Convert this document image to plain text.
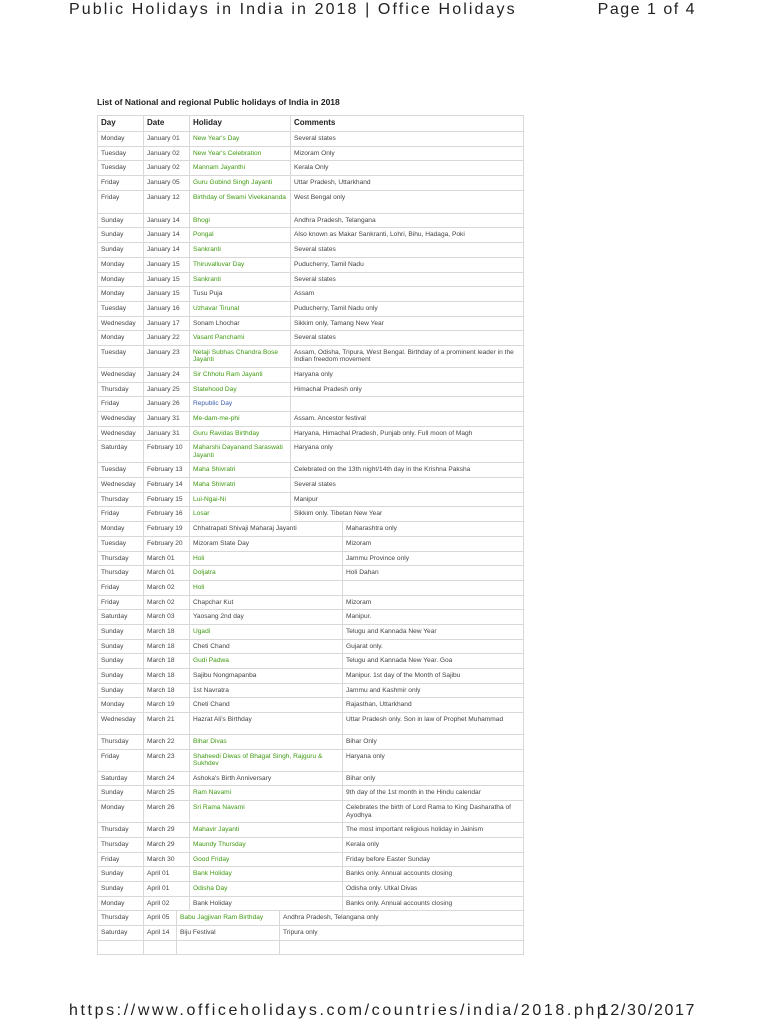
Public Holidays in India in 2018 | Office Holidays	Page 1 of 4
List of National and regional Public holidays of India in 2018
Day	Date	Holiday	Comments
Monday	January 01	New Year's Day	Several states
Tuesday	January 02	New Year's Celebration	Mizoram Only
Tuesday	January 02	Mannam Jayanthi	Kerala Only
Friday	January 05	Guru Gobind Singh Jayanti	Uttar Pradesh, Uttarkhand
Friday	January 12	Birthday of Swami Vivekananda	West Bengal only
Sunday	January 14	Bhogi	Andhra Pradesh, Telangana
Sunday	January 14	Pongal	Also known as Makar Sankranti, Lohri, Bihu, Hadaga, Poki
Sunday	January 14	Sankranti	Several states
Monday	January 15	Thiruvalluvar Day	Puducherry, Tamil Nadu
Monday	January 15	Sankranti	Several states
Monday	January 15	Tusu Puja	Assam
Tuesday	January 16	Uzhavar Tirunal	Puducherry, Tamil Nadu only
Wednesday	January 17	Sonam Lhochar	Sikkim only, Tamang New Year
Monday	January 22	Vasant Panchami	Several states
Tuesday	January 23	Netaji Subhas Chandra Bose Jayanti
Assam, Odisha, Tripura, West Bengal. Birthday of a prominent leader in the Indian freedom movement
Wednesday	January 24	Sir Chhotu Ram Jayanti	Haryana only
Thursday	January 25	Statehood Day	Himachal Pradesh only
Friday	January 26	Republic Day
Wednesday	January 31	Me-dam-me-phi	Assam. Ancestor festival
Wednesday	January 31	Guru Ravidas Birthday	Haryana, Himachal Pradesh, Punjab only. Full moon of Magh
Saturday	February 10	Maharshi Dayanand Saraswati Jayanti
Haryana only
Tuesday	February 13	Maha Shivratri	Celebrated on the 13th night/14th day in the Krishna Paksha
Wednesday	February 14	Maha Shivratri	Several states
Thursday	February 15	Lui-Ngai-Ni	Manipur
Friday	February 16	Losar	Sikkim only. Tibetan New Year
Monday	February 19	Chhatrapati Shivaji Maharaj Jayanti	Maharashtra only
Tuesday	February 20	Mizoram State Day	Mizoram
Thursday	March 01	Holi	Jammu Province only
Thursday	March 01	Doljatra	Holi Dahan
Friday	March 02	Holi
Friday	March 02	Chapchar Kut	Mizoram
Saturday	March 03	Yaosang 2nd day	Manipur.
Sunday	March 18	Ugadi	Telugu and Kannada New Year
Sunday	March 18	Cheti Chand	Gujarat only.
Sunday	March 18	Gudi Padwa	Telugu and Kannada New Year. Goa
Sunday	March 18	Sajibu Nongmapanba	Manipur. 1st day of the Month of Sajibu
Sunday	March 18	1st Navratra	Jammu and Kashmir only
Monday	March 19	Cheti Chand	Rajasthan, Uttarkhand
Wednesday	March 21	Hazrat Ali's Birthday	Uttar Pradesh only. Son in law of Prophet Muhammad
Thursday	March 22	Bihar Divas	Bihar Only
Friday	March 23	Shaheedi Diwas of Bhagat Singh, Rajguru & Sukhdev
Haryana only
Saturday	March 24	Ashoka's Birth Anniversary	Bihar only
Sunday	March 25	Ram Navami	9th day of the 1st month in the Hindu calendar
Monday	March 26	Sri Rama Navami	Celebrates the birth of Lord Rama to King Dasharatha of Ayodhya
Thursday	March 29	Mahavir Jayanti	The most important religious holiday in Jainism
Thursday	March 29	Maundy Thursday	Kerala only
Friday	March 30	Good Friday	Friday before Easter Sunday
Sunday	April 01	Bank Holiday	Banks only. Annual accounts closing
Sunday	April 01	Odisha Day	Odisha only. Utkal Divas
Monday	April 02	Bank Holiday	Banks only. Annual accounts closing
Thursday	April 05	Babu Jagjivan Ram Birthday	Andhra Pradesh, Telangana only
Saturday	April 14	Biju Festival	Tripura only
https://www.officeholidays.com/countries/india/2018.php
12/30/2017
